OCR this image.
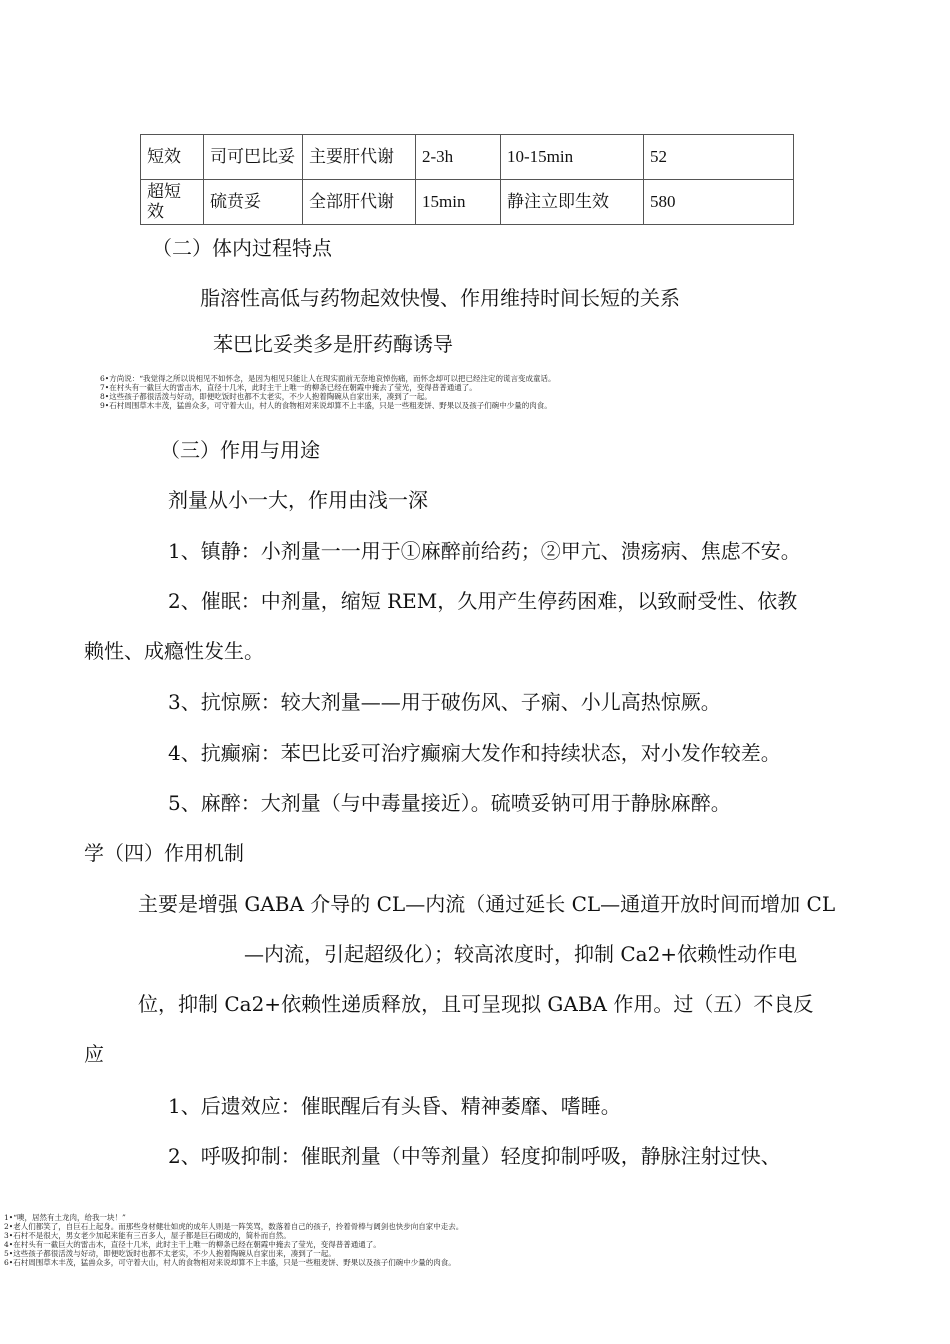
短效	司可巴比妥	主要肝代谢	2-3h	10-15min	52
超短效	硫贲妥	全部肝代谢	15min	静注立即生效	580
（二）体内过程特点
脂溶性高低与药物起效快慢、作用维持时间长短的关系
苯巴比妥类多是肝药酶诱导
6•方尚说：“我觉得之所以说相见不如怀念，是因为相见只能让人在现实面前无奈地哀悼伤痛，而怀念却可以把已经注定的谎言变成童话。
7•在村头有一截巨大的雷击木，直径十几米，此时主干上唯一的柳条已经在朝霞中掩去了莹光，变得普普通通了。
8•这些孩子都很活泼与好动，即便吃饭时也都不太老实，不少人抱着陶碗从自家出来，凑到了一起。
9•石村周围草木丰茂，猛兽众多，可守着大山，村人的食物相对来说却算不上丰盛，只是一些粗麦饼、野果以及孩子们碗中少量的肉食。
（三）作用与用途
剂量从小一大，作用由浅一深
1、镇静：小剂量一一用于①麻醉前给药；②甲亢、溃疡病、焦虑不安。
2、催眠：中剂量，缩短 REM，久用产生停药困难，以致耐受性、依教
赖性、成瘾性发生。
3、抗惊厥：较大剂量——用于破伤风、子痫、小儿高热惊厥。
4、抗癫痫：苯巴比妥可治疗癫痫大发作和持续状态，对小发作较差。
5、麻醉：大剂量（与中毒量接近）。硫喷妥钠可用于静脉麻醉。
学（四）作用机制
主要是增强 GABA 介导的 CL—内流（通过延长 CL—通道开放时间而增加 CL
—内流，引起超级化）；较高浓度时，抑制 Ca2+依赖性动作电
位，抑制 Ca2+依赖性递质释放，且可呈现拟 GABA 作用。过（五）不良反
应
1、后遗效应：催眠醒后有头昏、精神萎靡、嗜睡。
2、呼吸抑制：催眠剂量（中等剂量）轻度抑制呼吸，静脉注射过快、
1•“噢，居然有土龙肉，给我一块！”
2•老人们都笑了，自巨石上起身。而那些身材健壮如虎的成年人则是一阵笑骂，数落着自己的孩子，拎着骨棒与阔剑也快步向自家中走去。
3•石村不是很大，男女老少加起来能有三百多人，屋子都是巨石砌成的，简朴而自然。
4•在村头有一截巨大的雷击木，直径十几米，此时主干上唯一的柳条已经在朝霞中掩去了莹光，变得普普通通了。
5•这些孩子都很活泼与好动，即便吃饭时也都不太老实，不少人抱着陶碗从自家出来，凑到了一起。
6•石村周围草木丰茂，猛兽众多，可守着大山，村人的食物相对来说却算不上丰盛，只是一些粗麦饼、野果以及孩子们碗中少量的肉食。
